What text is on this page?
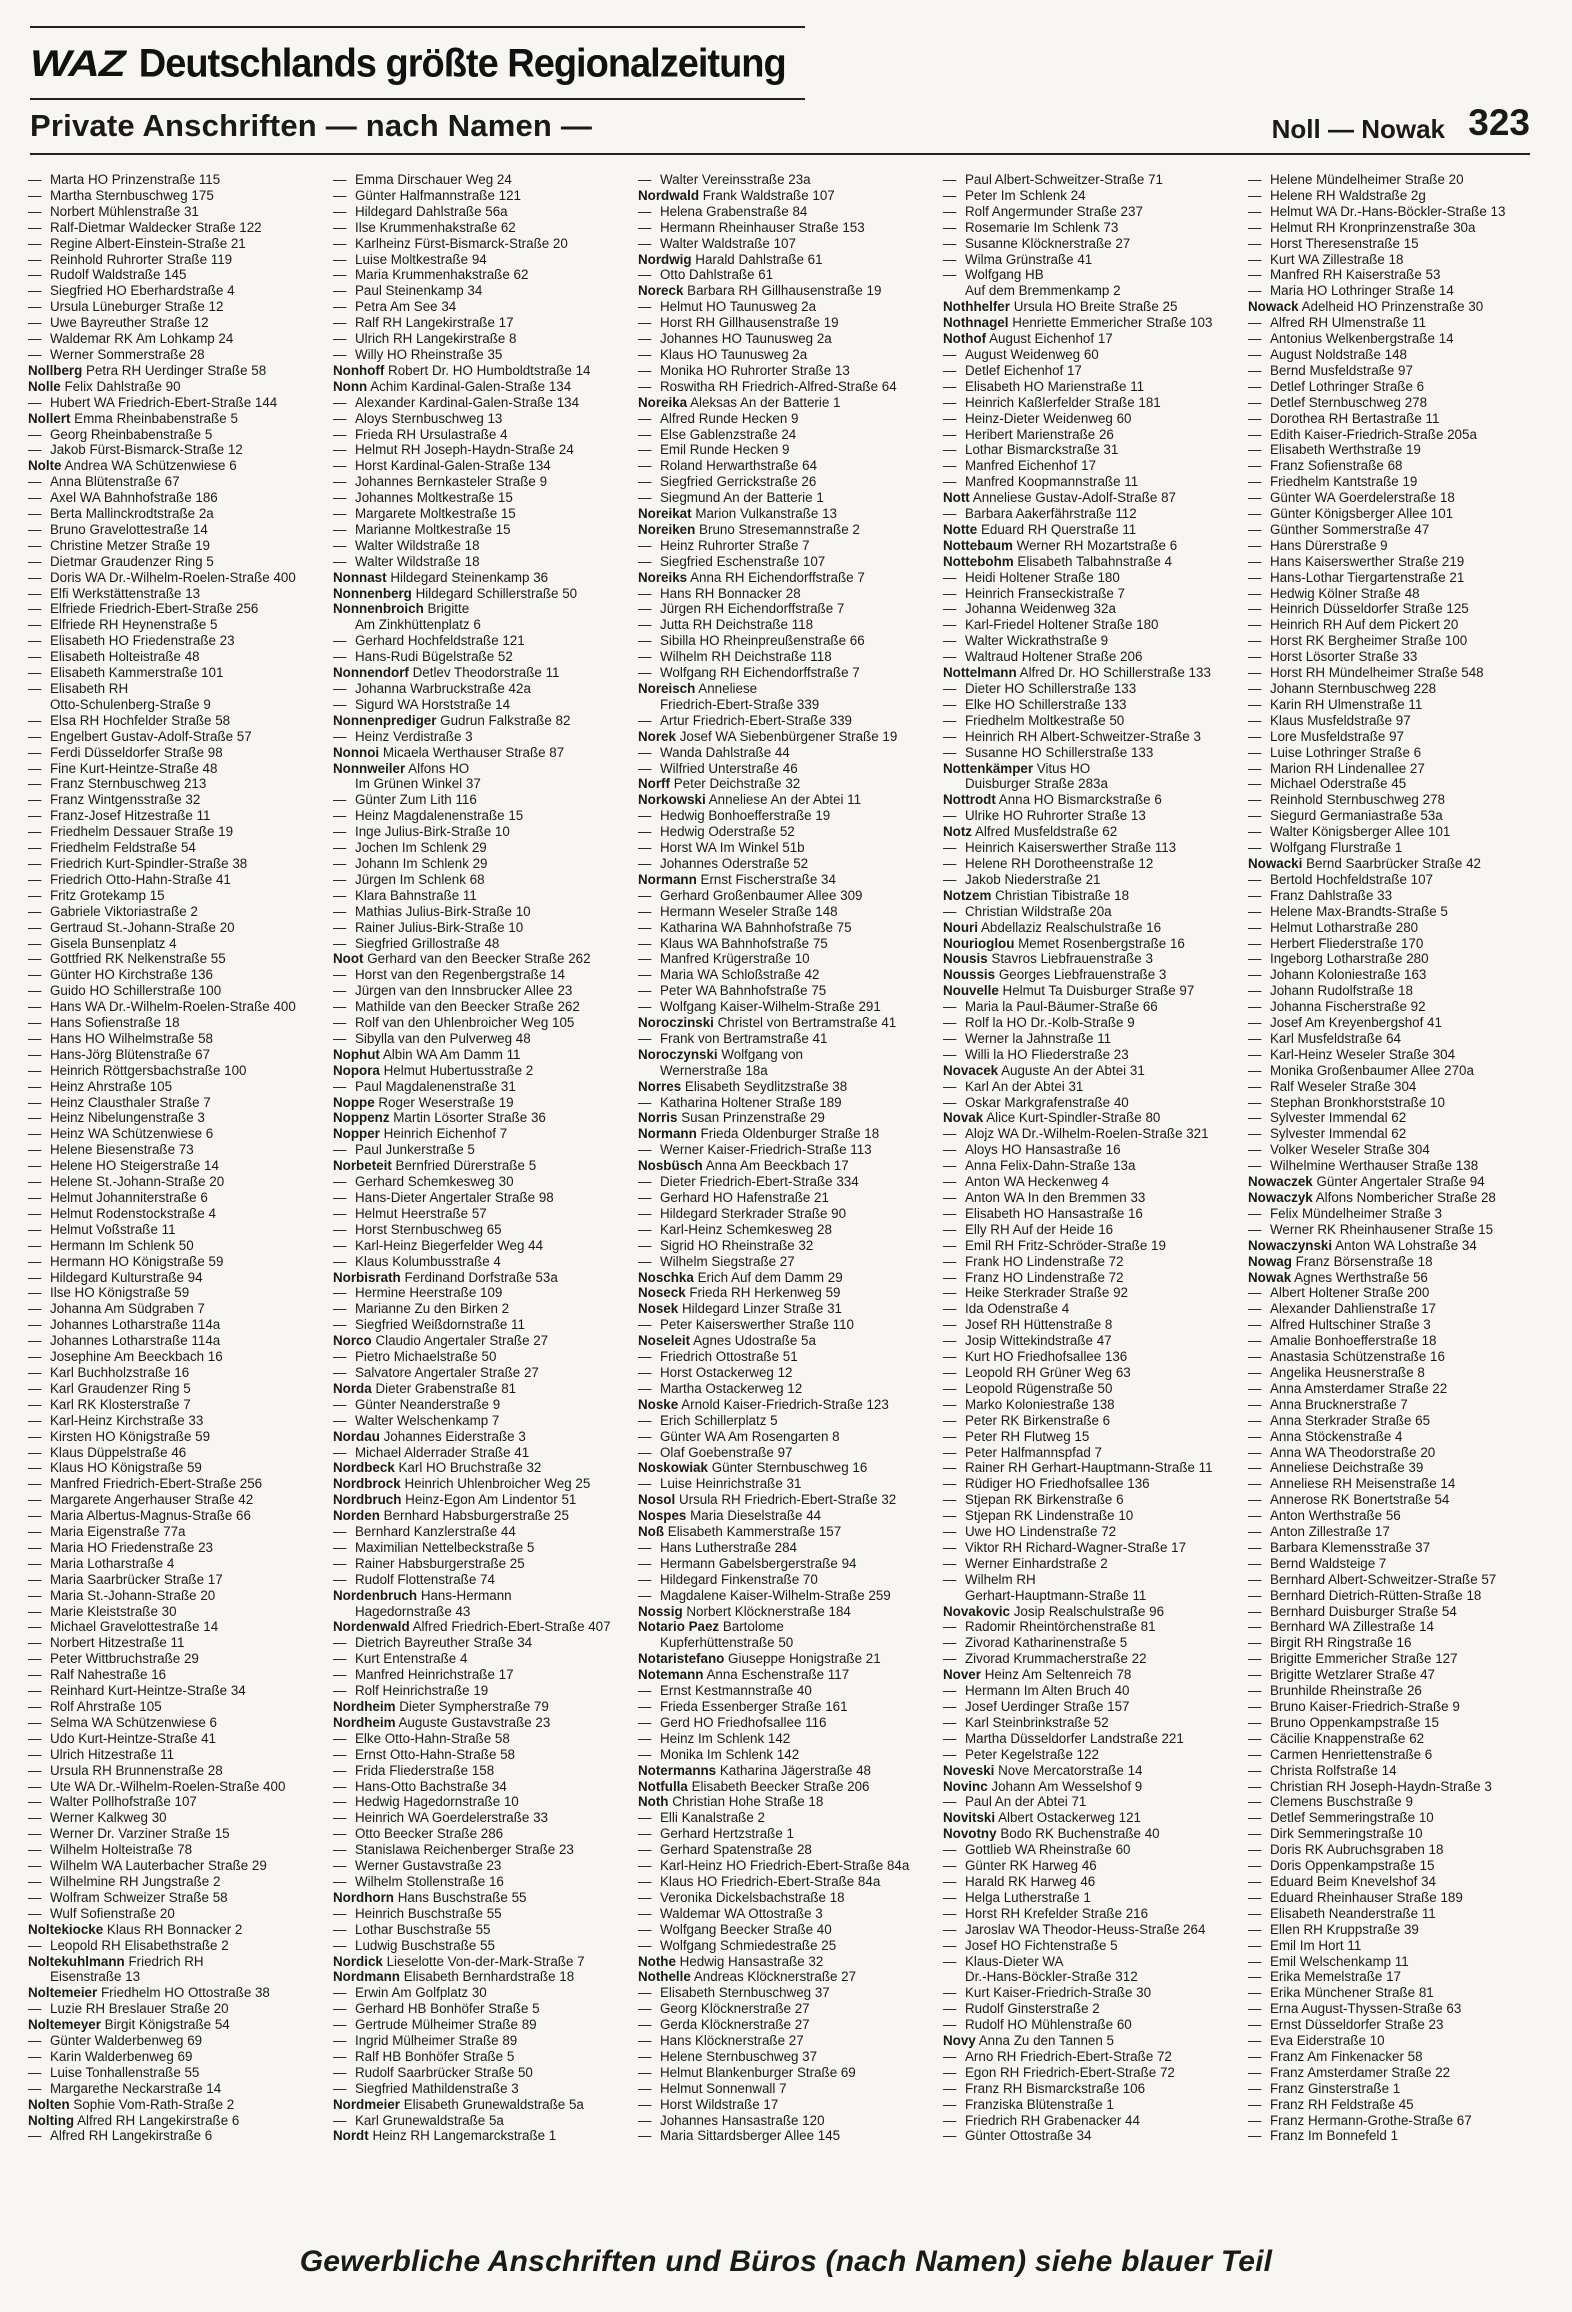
WAZ Deutschlands größte Regionalzeitung
Private Anschriften — nach Namen —	Noll — Nowak 323
— Marta HO Prinzenstraße 115
— Martha Sternbuschweg 175
— Norbert Mühlenstraße 31
— Ralf-Dietmar Waldecker Straße 122
— Regine Albert-Einstein-Straße 21
— Reinhold Ruhrorter Straße 119
— Rudolf Waldstraße 145
— Siegfried HO Eberhardstraße 4
— Ursula Lüneburger Straße 12
— Uwe Bayreuther Straße 12
— Waldemar RK Am Lohkamp 24
— Werner Sommerstraße 28
Nollberg Petra RH Uerdinger Straße 58
Nolle Felix Dahlstraße 90
— Hubert WA Friedrich-Ebert-Straße 144
Nollert Emma Rheinbabenstraße 5
— Georg Rheinbabenstraße 5
— Jakob Fürst-Bismarck-Straße 12
Nolte Andrea WA Schützenwiese 6
— Anna Blütenstraße 67
— Axel WA Bahnhofstraße 186
— Berta Mallinckrodtstraße 2a
— Bruno Gravelottestraße 14
— Christine Metzer Straße 19
— Dietmar Graudenzer Ring 5
— Doris WA Dr.-Wilhelm-Roelen-Straße 400
— Elfi Werkstättenstraße 13
— Elfriede Friedrich-Ebert-Straße 256
— Elfriede RH Heynenstraße 5
— Elisabeth HO Friedenstraße 23
— Elisabeth Holteistraße 48
— Elisabeth Kammerstraße 101
— Elisabeth RH
Otto-Schulenberg-Straße 9
— Elsa RH Hochfelder Straße 58
— Engelbert Gustav-Adolf-Straße 57
— Ferdi Düsseldorfer Straße 98
— Fine Kurt-Heintze-Straße 48
— Franz Sternbuschweg 213
— Franz Wintgensstraße 32
— Franz-Josef Hitzestraße 11
— Friedhelm Dessauer Straße 19
— Friedhelm Feldstraße 54
— Friedrich Kurt-Spindler-Straße 38
— Friedrich Otto-Hahn-Straße 41
— Fritz Grotekamp 15
— Gabriele Viktoriastraße 2
— Gertraud St.-Johann-Straße 20
— Gisela Bunsenplatz 4
— Gottfried RK Nelkenstraße 55
— Günter HO Kirchstraße 136
— Guido HO Schillerstraße 100
— Hans WA Dr.-Wilhelm-Roelen-Straße 400
— Hans Sofienstraße 18
— Hans HO Wilhelmstraße 58
— Hans-Jörg Blütenstraße 67
— Heinrich Röttgersbachstraße 100
— Heinz Ahrstraße 105
— Heinz Clausthaler Straße 7
— Heinz Nibelungenstraße 3
— Heinz WA Schützenwiese 6
— Helene Biesenstraße 73
— Helene HO Steigerstraße 14
— Helene St.-Johann-Straße 20
— Helmut Johanniterstraße 6
— Helmut Rodenstockstraße 4
— Helmut Voßstraße 11
— Hermann Im Schlenk 50
— Hermann HO Königstraße 59
— Hildegard Kulturstraße 94
— Ilse HO Königstraße 59
— Johanna Am Südgraben 7
— Johannes Lotharstraße 114a
— Johannes Lotharstraße 114a
— Josephine Am Beeckbach 16
— Karl Buchholzstraße 16
— Karl Graudenzer Ring 5
— Karl RK Klosterstraße 7
— Karl-Heinz Kirchstraße 33
— Kirsten HO Königstraße 59
— Klaus Düppelstraße 46
— Klaus HO Königstraße 59
— Manfred Friedrich-Ebert-Straße 256
— Margarete Angerhauser Straße 42
— Maria Albertus-Magnus-Straße 66
— Maria Eigenstraße 77a
— Maria HO Friedenstraße 23
— Maria Lotharstraße 4
— Maria Saarbrücker Straße 17
— Maria St.-Johann-Straße 20
— Marie Kleiststraße 30
— Michael Gravelottestraße 14
— Norbert Hitzestraße 11
— Peter Wittbruchstraße 29
— Ralf Nahestraße 16
— Reinhard Kurt-Heintze-Straße 34
— Rolf Ahrstraße 105
— Selma WA Schützenwiese 6
— Udo Kurt-Heintze-Straße 41
— Ulrich Hitzestraße 11
— Ursula RH Brunnenstraße 28
— Ute WA Dr.-Wilhelm-Roelen-Straße 400
— Walter Pollhofstraße 107
— Werner Kalkweg 30
— Werner Dr. Varziner Straße 15
— Wilhelm Holteistraße 78
— Wilhelm WA Lauterbacher Straße 29
— Wilhelmine RH Jungstraße 2
— Wolfram Schweizer Straße 58
— Wulf Sofienstraße 20
Noltekiocke Klaus RH Bonnacker 2
— Leopold RH Elisabethstraße 2
Noltekuhlmann Friedrich RH
Eisenstraße 13
Noltemeier Friedhelm HO Ottostraße 38
— Luzie RH Breslauer Straße 20
Noltemeyer Birgit Königstraße 54
— Günter Walderbenweg 69
— Karin Walderbenweg 69
— Luise Tonhallenstraße 55
— Margarethe Neckarstraße 14
Nolten Sophie Vom-Rath-Straße 2
Nolting Alfred RH Langekirstraße 6
— Alfred RH Langekirstraße 6
— Emma Dirschauer Weg 24
— Günter Halfmannstraße 121
— Hildegard Dahlstraße 56a
— Ilse Krummenhakstraße 62
— Karlheinz Fürst-Bismarck-Straße 20
— Luise Moltkestraße 94
— Maria Krummenhakstraße 62
— Paul Steinenkamp 34
— Petra Am See 34
— Ralf RH Langekirstraße 17
— Ulrich RH Langekirstraße 8
— Willy HO Rheinstraße 35
Nonhoff Robert Dr. HO Humboldtstraße 14
Nonn Achim Kardinal-Galen-Straße 134
— Alexander Kardinal-Galen-Straße 134
— Aloys Sternbuschweg 13
— Frieda RH Ursulastraße 4
— Helmut RH Joseph-Haydn-Straße 24
— Horst Kardinal-Galen-Straße 134
— Johannes Bernkasteler Straße 9
— Johannes Moltkestraße 15
— Margarete Moltkestraße 15
— Marianne Moltkestraße 15
— Walter Wildstraße 18
— Walter Wildstraße 18
Nonnast Hildegard Steinenkamp 36
Nonnenberg Hildegard Schillerstraße 50
Nonnenbroich Brigitte
Am Zinkhüttenplatz 6
— Gerhard Hochfeldstraße 121
— Hans-Rudi Bügelstraße 52
Nonnendorf Detlev Theodorstraße 11
— Johanna Warbruckstraße 42a
— Sigurd WA Horststraße 14
Nonnenprediger Gudrun Falkstraße 82
— Heinz Verdistraße 3
Nonnoi Micaela Werthauser Straße 87
Nonnweiler Alfons HO
Im Grünen Winkel 37
— Günter Zum Lith 116
— Heinz Magdalenenstraße 15
— Inge Julius-Birk-Straße 10
— Jochen Im Schlenk 29
— Johann Im Schlenk 29
— Jürgen Im Schlenk 68
— Klara Bahnstraße 11
— Mathias Julius-Birk-Straße 10
— Rainer Julius-Birk-Straße 10
— Siegfried Grillostraße 48
Noot Gerhard van den Beecker Straße 262
— Horst van den Regenbergstraße 14
— Jürgen van den Innsbrucker Allee 23
— Mathilde van den Beecker Straße 262
— Rolf van den Uhlenbroicher Weg 105
— Sibylla van den Pulverweg 48
Nophut Albin WA Am Damm 11
Nopora Helmut Hubertusstraße 2
— Paul Magdalenenstraße 31
Noppe Roger Weserstraße 19
Noppenz Martin Lösorter Straße 36
Nopper Heinrich Eichenhof 7
— Paul Junkerstraße 5
Norbeteit Bernfried Dürerstraße 5
— Gerhard Schemkesweg 30
— Hans-Dieter Angertaler Straße 98
— Helmut Heerstraße 57
— Horst Sternbuschweg 65
— Karl-Heinz Biegerfelder Weg 44
— Klaus Kolumbusstraße 4
Norbisrath Ferdinand Dorfstraße 53a
— Hermine Heerstraße 109
— Marianne Zu den Birken 2
— Siegfried Weißdornstraße 11
Norco Claudio Angertaler Straße 27
— Pietro Michaelstraße 50
— Salvatore Angertaler Straße 27
Norda Dieter Grabenstraße 81
— Günter Neanderstraße 9
— Walter Welschenkamp 7
Nordau Johannes Eiderstraße 3
— Michael Alderrader Straße 41
Nordbeck Karl HO Bruchstraße 32
Nordbrock Heinrich Uhlenbroicher Weg 25
Nordbruch Heinz-Egon Am Lindentor 51
Norden Bernhard Habsburgerstraße 25
— Bernhard Kanzlerstraße 44
— Maximilian Nettelbeckstraße 5
— Rainer Habsburgerstraße 25
— Rudolf Flottenstraße 74
Nordenbruch Hans-Hermann
Hagedornstraße 43
Nordenwald Alfred Friedrich-Ebert-Straße 407
— Dietrich Bayreuther Straße 34
— Kurt Entenstraße 4
— Manfred Heinrichstraße 17
— Rolf Heinrichstraße 19
Nordheim Dieter Sympherstraße 79
Nordheim Auguste Gustavstraße 23
— Elke Otto-Hahn-Straße 58
— Ernst Otto-Hahn-Straße 58
— Frida Fliederstraße 158
— Hans-Otto Bachstraße 34
— Hedwig Hagedornstraße 10
— Heinrich WA Goerdelerstraße 33
— Otto Beecker Straße 286
— Stanislawa Reichenberger Straße 23
— Werner Gustavstraße 23
— Wilhelm Stollenstraße 16
Nordhorn Hans Buschstraße 55
— Heinrich Buschstraße 55
— Lothar Buschstraße 55
— Ludwig Buschstraße 55
Nordick Lieselotte Von-der-Mark-Straße 7
Nordmann Elisabeth Bernhardstraße 18
— Erwin Am Golfplatz 30
— Gerhard HB Bonhöfer Straße 5
— Gertrude Mülheimer Straße 89
— Ingrid Mülheimer Straße 89
— Ralf HB Bonhöfer Straße 5
— Rudolf Saarbrücker Straße 50
— Siegfried Mathildenstraße 3
Nordmeier Elisabeth Grunewaldstraße 5a
— Karl Grunewaldstraße 5a
Nordt Heinz RH Langemarckstraße 1
— Walter Vereinsstraße 23a
Nordwald Frank Waldstraße 107
— Helena Grabenstraße 84
— Hermann Rheinhauser Straße 153
— Walter Waldstraße 107
Nordwig Harald Dahlstraße 61
— Otto Dahlstraße 61
Noreck Barbara RH Gillhausenstraße 19
— Helmut HO Taunusweg 2a
— Horst RH Gillhausenstraße 19
— Johannes HO Taunusweg 2a
— Klaus HO Taunusweg 2a
— Monika HO Ruhrorter Straße 13
— Roswitha RH Friedrich-Alfred-Straße 64
Noreika Aleksas An der Batterie 1
— Alfred Runde Hecken 9
— Else Gablenzstraße 24
— Emil Runde Hecken 9
— Roland Herwarthstraße 64
— Siegfried Gerrickstraße 26
— Siegmund An der Batterie 1
Noreikat Marion Vulkanstraße 13
Noreiken Bruno Stresemannstraße 2
— Heinz Ruhrorter Straße 7
— Siegfried Eschenstraße 107
Noreiks Anna RH Eichendorffstraße 7
— Hans RH Bonnacker 28
— Jürgen RH Eichendorffstraße 7
— Jutta RH Deichstraße 118
— Sibilla HO Rheinpreußenstraße 66
— Wilhelm RH Deichstraße 118
— Wolfgang RH Eichendorffstraße 7
Noreisch Anneliese
Friedrich-Ebert-Straße 339
— Artur Friedrich-Ebert-Straße 339
Norek Josef WA Siebenbürgener Straße 19
— Wanda Dahlstraße 44
— Wilfried Unterstraße 46
Norff Peter Deichstraße 32
Norkowski Anneliese An der Abtei 11
— Hedwig Bonhoefferstraße 19
— Hedwig Oderstraße 52
— Horst WA Im Winkel 51b
— Johannes Oderstraße 52
Normann Ernst Fischerstraße 34
— Gerhard Großenbaumer Allee 309
— Hermann Weseler Straße 148
— Katharina WA Bahnhofstraße 75
— Klaus WA Bahnhofstraße 75
— Manfred Krügerstraße 10
— Maria WA Schloßstraße 42
— Peter WA Bahnhofstraße 75
— Wolfgang Kaiser-Wilhelm-Straße 291
Noroczinski Christel von Bertramstraße 41
— Frank von Bertramstraße 41
Noroczynski Wolfgang von
Wernerstraße 18a
Norres Elisabeth Seydlitzstraße 38
— Katharina Holtener Straße 189
Norris Susan Prinzenstraße 29
Normann Frieda Oldenburger Straße 18
— Werner Kaiser-Friedrich-Straße 113
Nosbüsch Anna Am Beeckbach 17
— Dieter Friedrich-Ebert-Straße 334
— Gerhard HO Hafenstraße 21
— Hildegard Sterkrader Straße 90
— Karl-Heinz Schemkesweg 28
— Sigrid HO Rheinstraße 32
— Wilhelm Siegstraße 27
Noschka Erich Auf dem Damm 29
Noseck Frieda RH Herkenweg 59
Nosek Hildegard Linzer Straße 31
— Peter Kaiserswerther Straße 110
Noseleit Agnes Udostraße 5a
— Friedrich Ottostraße 51
— Horst Ostackerweg 12
— Martha Ostackerweg 12
Noske Arnold Kaiser-Friedrich-Straße 123
— Erich Schillerplatz 5
— Günter WA Am Rosengarten 8
— Olaf Goebenstraße 97
Noskowiak Günter Sternbuschweg 16
— Luise Heinrichstraße 31
Nosol Ursula RH Friedrich-Ebert-Straße 32
Nospes Maria Dieselstraße 44
Noß Elisabeth Kammerstraße 157
— Hans Lutherstraße 284
— Hermann Gabelsbergerstraße 94
— Hildegard Finkenstraße 70
— Magdalene Kaiser-Wilhelm-Straße 259
Nossig Norbert Klöcknerstraße 184
Notario Paez Bartolome
Kupferhüttenstraße 50
Notaristefano Giuseppe Honigstraße 21
Notemann Anna Eschenstraße 117
— Ernst Kestmannstraße 40
— Frieda Essenberger Straße 161
— Gerd HO Friedhofsallee 116
— Heinz Im Schlenk 142
— Monika Im Schlenk 142
Notermanns Katharina Jägerstraße 48
Notfulla Elisabeth Beecker Straße 206
Noth Christian Hohe Straße 18
— Elli Kanalstraße 2
— Gerhard Hertzstraße 1
— Gerhard Spatenstraße 28
— Karl-Heinz HO Friedrich-Ebert-Straße 84a
— Klaus HO Friedrich-Ebert-Straße 84a
— Veronika Dickelsbachstraße 18
— Waldemar WA Ottostraße 3
— Wolfgang Beecker Straße 40
— Wolfgang Schmiedestraße 25
Nothe Hedwig Hansastraße 32
Nothelle Andreas Klöcknerstraße 27
— Elisabeth Sternbuschweg 37
— Georg Klöcknerstraße 27
— Gerda Klöcknerstraße 27
— Hans Klöcknerstraße 27
— Helene Sternbuschweg 37
— Helmut Blankenburger Straße 69
— Helmut Sonnenwall 7
— Horst Wildstraße 17
— Johannes Hansastraße 120
— Maria Sittardsberger Allee 145
— Paul Albert-Schweitzer-Straße 71
— Peter Im Schlenk 24
— Rolf Angermunder Straße 237
— Rosemarie Im Schlenk 73
— Susanne Klöcknerstraße 27
— Wilma Grünstraße 41
— Wolfgang HB
Auf dem Bremmenkamp 2
Nothhelfer Ursula HO Breite Straße 25
Nothnagel Henriette Emmericher Straße 103
Nothof August Eichenhof 17
— August Weidenweg 60
— Detlef Eichenhof 17
— Elisabeth HO Marienstraße 11
— Heinrich Kaßlerfelder Straße 181
— Heinz-Dieter Weidenweg 60
— Heribert Marienstraße 26
— Lothar Bismarckstraße 31
— Manfred Eichenhof 17
— Manfred Koopmannstraße 11
Nott Anneliese Gustav-Adolf-Straße 87
— Barbara Aakerfährstraße 112
Notte Eduard RH Querstraße 11
Nottebaum Werner RH Mozartstraße 6
Nottebohm Elisabeth Talbahnstraße 4
— Heidi Holtener Straße 180
— Heinrich Franseckistraße 7
— Johanna Weidenweg 32a
— Karl-Friedel Holtener Straße 180
— Walter Wickrathstraße 9
— Waltraud Holtener Straße 206
Nottelmann Alfred Dr. HO Schillerstraße 133
— Dieter HO Schillerstraße 133
— Elke HO Schillerstraße 133
— Friedhelm Moltkestraße 50
— Heinrich RH Albert-Schweitzer-Straße 3
— Susanne HO Schillerstraße 133
Nottenkämper Vitus HO
Duisburger Straße 283a
Nottrodt Anna HO Bismarckstraße 6
— Ulrike HO Ruhrorter Straße 13
Notz Alfred Musfeldstraße 62
— Heinrich Kaiserswerther Straße 113
— Helene RH Dorotheenstraße 12
— Jakob Niederstraße 21
Notzem Christian Tibistraße 18
— Christian Wildstraße 20a
Nouri Abdellaziz Realschulstraße 16
Nourioglou Memet Rosenbergstraße 16
Nousis Stavros Liebfrauenstraße 3
Noussis Georges Liebfrauenstraße 3
Nouvelle Helmut Ta Duisburger Straße 97
— Maria la Paul-Bäumer-Straße 66
— Rolf la HO Dr.-Kolb-Straße 9
— Werner la Jahnstraße 11
— Willi la HO Fliederstraße 23
Novacek Auguste An der Abtei 31
— Karl An der Abtei 31
— Oskar Markgrafenstraße 40
Novak Alice Kurt-Spindler-Straße 80
— Alojz WA Dr.-Wilhelm-Roelen-Straße 321
— Aloys HO Hansastraße 16
— Anna Felix-Dahn-Straße 13a
— Anton WA Heckenweg 4
— Anton WA In den Bremmen 33
— Elisabeth HO Hansastraße 16
— Elly RH Auf der Heide 16
— Emil RH Fritz-Schröder-Straße 19
— Frank HO Lindenstraße 72
— Franz HO Lindenstraße 72
— Heike Sterkrader Straße 92
— Ida Odenstraße 4
— Josef RH Hüttenstraße 8
— Josip Wittekindstraße 47
— Kurt HO Friedhofsallee 136
— Leopold RH Grüner Weg 63
— Leopold Rügenstraße 50
— Marko Koloniestraße 138
— Peter RK Birkenstraße 6
— Peter RH Flutweg 15
— Peter Halfmannspfad 7
— Rainer RH Gerhart-Hauptmann-Straße 11
— Rüdiger HO Friedhofsallee 136
— Stjepan RK Birkenstraße 6
— Stjepan RK Lindenstraße 10
— Uwe HO Lindenstraße 72
— Viktor RH Richard-Wagner-Straße 17
— Werner Einhardstraße 2
— Wilhelm RH
Gerhart-Hauptmann-Straße 11
Novakovic Josip Realschulstraße 96
— Radomir Rheintörchenstraße 81
— Zivorad Katharinenstraße 5
— Zivorad Krummacherstraße 22
Nover Heinz Am Seltenreich 78
— Hermann Im Alten Bruch 40
— Josef Uerdinger Straße 157
— Karl Steinbrinkstraße 52
— Martha Düsseldorfer Landstraße 221
— Peter Kegelstraße 122
Noveski Nove Mercatorstraße 14
Novinc Johann Am Wesselshof 9
— Paul An der Abtei 71
Novitski Albert Ostackerweg 121
Novotny Bodo RK Buchenstraße 40
— Gottlieb WA Rheinstraße 60
— Günter RK Harweg 46
— Harald RK Harweg 46
— Helga Lutherstraße 1
— Horst RH Krefelder Straße 216
— Jaroslav WA Theodor-Heuss-Straße 264
— Josef HO Fichtenstraße 5
— Klaus-Dieter WA
Dr.-Hans-Böckler-Straße 312
— Kurt Kaiser-Friedrich-Straße 30
— Rudolf Ginsterstraße 2
— Rudolf HO Mühlenstraße 60
Novy Anna Zu den Tannen 5
— Arno RH Friedrich-Ebert-Straße 72
— Egon RH Friedrich-Ebert-Straße 72
— Franz RH Bismarckstraße 106
— Franziska Blütenstraße 1
— Friedrich RH Grabenacker 44
— Günter Ottostraße 34
— Helene Mündelheimer Straße 20
— Helene RH Waldstraße 2g
— Helmut WA Dr.-Hans-Böckler-Straße 13
— Helmut RH Kronprinzenstraße 30a
— Horst Theresenstraße 15
— Kurt WA Zillestraße 18
— Manfred RH Kaiserstraße 53
— Maria HO Lothringer Straße 14
Nowack Adelheid HO Prinzenstraße 30
— Alfred RH Ulmenstraße 11
— Antonius Welkenbergstraße 14
— August Noldstraße 148
— Bernd Musfeldstraße 97
— Detlef Lothringer Straße 6
— Detlef Sternbuschweg 278
— Dorothea RH Bertastraße 11
— Edith Kaiser-Friedrich-Straße 205a
— Elisabeth Werthstraße 19
— Franz Sofienstraße 68
— Friedhelm Kantstraße 19
— Günter WA Goerdelerstraße 18
— Günter Königsberger Allee 101
— Günther Sommerstraße 47
— Hans Dürerstraße 9
— Hans Kaiserswerther Straße 219
— Hans-Lothar Tiergartenstraße 21
— Hedwig Kölner Straße 48
— Heinrich Düsseldorfer Straße 125
— Heinrich RH Auf dem Pickert 20
— Horst RK Bergheimer Straße 100
— Horst Lösorter Straße 33
— Horst RH Mündelheimer Straße 548
— Johann Sternbuschweg 228
— Karin RH Ulmenstraße 11
— Klaus Musfeldstraße 97
— Lore Musfeldstraße 97
— Luise Lothringer Straße 6
— Marion RH Lindenallee 27
— Michael Oderstraße 45
— Reinhold Sternbuschweg 278
— Siegurd Germaniastraße 53a
— Walter Königsberger Allee 101
— Wolfgang Flurstraße 1
Nowacki Bernd Saarbrücker Straße 42
— Bertold Hochfeldstraße 107
— Franz Dahlstraße 33
— Helene Max-Brandts-Straße 5
— Helmut Lotharstraße 280
— Herbert Fliederstraße 170
— Ingeborg Lotharstraße 280
— Johann Koloniestraße 163
— Johann Rudolfstraße 18
— Johanna Fischerstraße 92
— Josef Am Kreyenbergshof 41
— Karl Musfeldstraße 64
— Karl-Heinz Weseler Straße 304
— Monika Großenbaumer Allee 270a
— Ralf Weseler Straße 304
— Stephan Bronkhorststraße 10
— Sylvester Immendal 62
— Sylvester Immendal 62
— Volker Weseler Straße 304
— Wilhelmine Werthauser Straße 138
Nowaczek Günter Angertaler Straße 94
Nowaczyk Alfons Nombericher Straße 28
— Felix Mündelheimer Straße 3
— Werner RK Rheinhausener Straße 15
Nowaczynski Anton WA Lohstraße 34
Nowag Franz Börsenstraße 18
Nowak Agnes Werthstraße 56
— Albert Holtener Straße 200
— Alexander Dahlienstraße 17
— Alfred Hultschiner Straße 3
— Amalie Bonhoefferstraße 18
— Anastasia Schützenstraße 16
— Angelika Heusnerstraße 8
— Anna Amsterdamer Straße 22
— Anna Brucknerstraße 7
— Anna Sterkrader Straße 65
— Anna Stöckenstraße 4
— Anna WA Theodorstraße 20
— Anneliese Deichstraße 39
— Anneliese RH Meisenstraße 14
— Annerose RK Bonertstraße 54
— Anton Werthstraße 56
— Anton Zillestraße 17
— Barbara Klemensstraße 37
— Bernd Waldsteige 7
— Bernhard Albert-Schweitzer-Straße 57
— Bernhard Dietrich-Rütten-Straße 18
— Bernhard Duisburger Straße 54
— Bernhard WA Zillestraße 14
— Birgit RH Ringstraße 16
— Brigitte Emmericher Straße 127
— Brigitte Wetzlarer Straße 47
— Brunhilde Rheinstraße 26
— Bruno Kaiser-Friedrich-Straße 9
— Bruno Oppenkampstraße 15
— Cäcilie Knappenstraße 62
— Carmen Henriettenstraße 6
— Christa Rolfstraße 14
— Christian RH Joseph-Haydn-Straße 3
— Clemens Buschstraße 9
— Detlef Semmeringstraße 10
— Dirk Semmeringstraße 10
— Doris RK Aubruchsgraben 18
— Doris Oppenkampstraße 15
— Eduard Beim Knevelshof 34
— Eduard Rheinhauser Straße 189
— Elisabeth Neanderstraße 11
— Ellen RH Kruppstraße 39
— Emil Im Hort 11
— Emil Welschenkamp 11
— Erika Memelstraße 17
— Erika Münchener Straße 81
— Erna August-Thyssen-Straße 63
— Ernst Düsseldorfer Straße 23
— Eva Eiderstraße 10
— Franz Am Finkenacker 58
— Franz Amsterdamer Straße 22
— Franz Ginsterstraße 1
— Franz RH Feldstraße 45
— Franz Hermann-Grothe-Straße 67
— Franz Im Bonnefeld 1
Gewerbliche Anschriften und Büros (nach Namen) siehe blauer Teil
